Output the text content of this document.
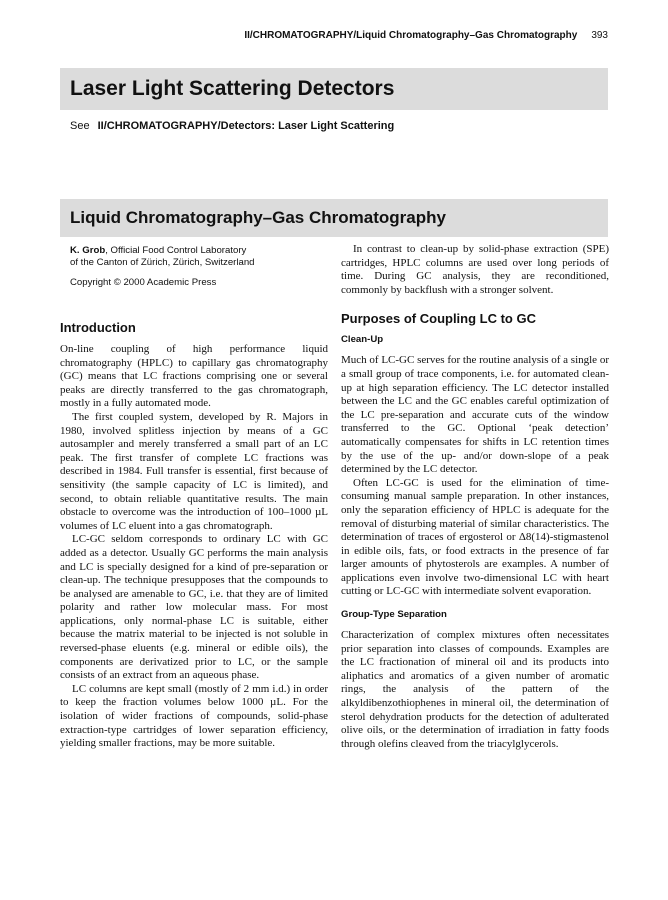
II/CHROMATOGRAPHY/Liquid Chromatography–Gas Chromatography 393
Laser Light Scattering Detectors
See II/CHROMATOGRAPHY/Detectors: Laser Light Scattering
Liquid Chromatography–Gas Chromatography
K. Grob, Official Food Control Laboratory
of the Canton of Zürich, Zürich, Switzerland
Copyright © 2000 Academic Press
Introduction

On-line coupling of high performance liquid chromatography (HPLC) to capillary gas chromatography (GC) means that LC fractions comprising one or several peaks are directly transferred to the gas chromatograph, mostly in a fully automated mode.

The first coupled system, developed by R. Majors in 1980, involved splitless injection by means of a GC autosampler and merely transferred a small part of an LC peak. The first transfer of complete LC fractions was described in 1984. Full transfer is essential, first because of sensitivity (the sample capacity of LC is limited), and second, to obtain reliable quantitative results. The main obstacle to overcome was the introduction of 100–1000 µL volumes of LC eluent into a gas chromatograph.

LC-GC seldom corresponds to ordinary LC with GC added as a detector. Usually GC performs the main analysis and LC is specially designed for a kind of pre-separation or clean-up. The technique presupposes that the compounds to be analysed are amenable to GC, i.e. that they are of limited polarity and rather low molecular mass. For most applications, only normal-phase LC is suitable, either because the matrix material to be injected is not soluble in reversed-phase eluents (e.g. mineral or edible oils), the components are derivatized prior to LC, or the sample consists of an extract from an aqueous phase.

LC columns are kept small (mostly of 2 mm i.d.) in order to keep the fraction volumes below 1000 µL. For the isolation of wider fractions of compounds, solid-phase extraction-type cartridges of lower separation efficiency, yielding smaller fractions, may be more suitable.

In contrast to clean-up by solid-phase extraction (SPE) cartridges, HPLC columns are used over long periods of time. During GC analysis, they are reconditioned, commonly by backflush with a stronger solvent.

Purposes of Coupling LC to GC
Clean-Up

Much of LC-GC serves for the routine analysis of a single or a small group of trace components, i.e. for automated clean-up at high separation efficiency. The LC detector installed between the LC and the GC enables careful optimization of the LC pre-separation and accurate cuts of the window transferred to the GC. Optional ‘peak detection’ automatically compensates for shifts in LC retention times by the use of the up- and/or down-slope of a peak determined by the LC detector.

Often LC-GC is used for the elimination of time-consuming manual sample preparation. In other instances, only the separation efficiency of HPLC is adequate for the removal of disturbing material of similar characteristics. The determination of traces of ergosterol or Δ8(14)-stigmastenol in edible oils, fats, or food extracts in the presence of far larger amounts of phytosterols are examples. A number of applications even involve two-dimensional LC with heart cutting or LC-GC with intermediate solvent evaporation.

Group-Type Separation

Characterization of complex mixtures often necessitates prior separation into classes of compounds. Examples are the LC fractionation of mineral oil and its products into aliphatics and aromatics of a given number of aromatic rings, the analysis of the pattern of the alkyldibenzothiophenes in mineral oil, the determination of sterol dehydration products for the detection of adulterated olive oils, or the determination of irradiation in fatty foods through olefins cleaved from the triacylglycerols.
